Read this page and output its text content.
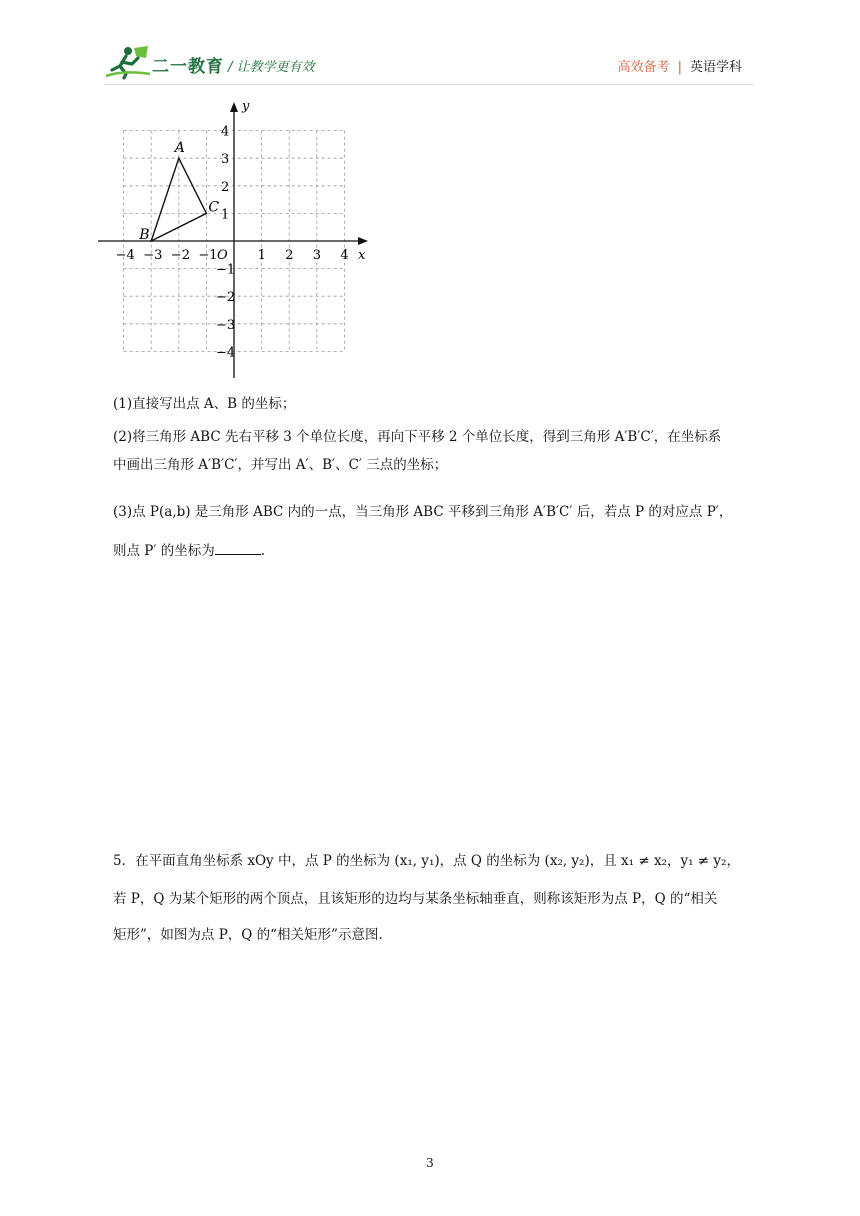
二一教育 / 让教学更有效	高效备考 | 英语学科
x
y
O
−4 −3 −2 −1	1 2 3 4
4
3
2
1
−1
−2
−3
−4
A
B
C
(1)直接写出点 A、B 的坐标；
(2)将三角形 ABC 先右平移 3 个单位长度，再向下平移 2 个单位长度，得到三角形 A′B′C′，在坐标系
中画出三角形 A′B′C′，并写出 A′、B′、C′ 三点的坐标；
(3)点 P(a,b) 是三角形 ABC 内的一点，当三角形 ABC 平移到三角形 A′B′C′ 后，若点 P 的对应点 P′，
则点 P′ 的坐标为	.
5．在平面直角坐标系 xOy 中，点 P 的坐标为 (x₁, y₁)，点 Q 的坐标为 (x₂, y₂)，且 x₁ ≠ x₂，y₁ ≠ y₂，
若 P，Q 为某个矩形的两个顶点，且该矩形的边均与某条坐标轴垂直，则称该矩形为点 P，Q 的“相关
矩形”，如图为点 P，Q 的“相关矩形”示意图.
3
